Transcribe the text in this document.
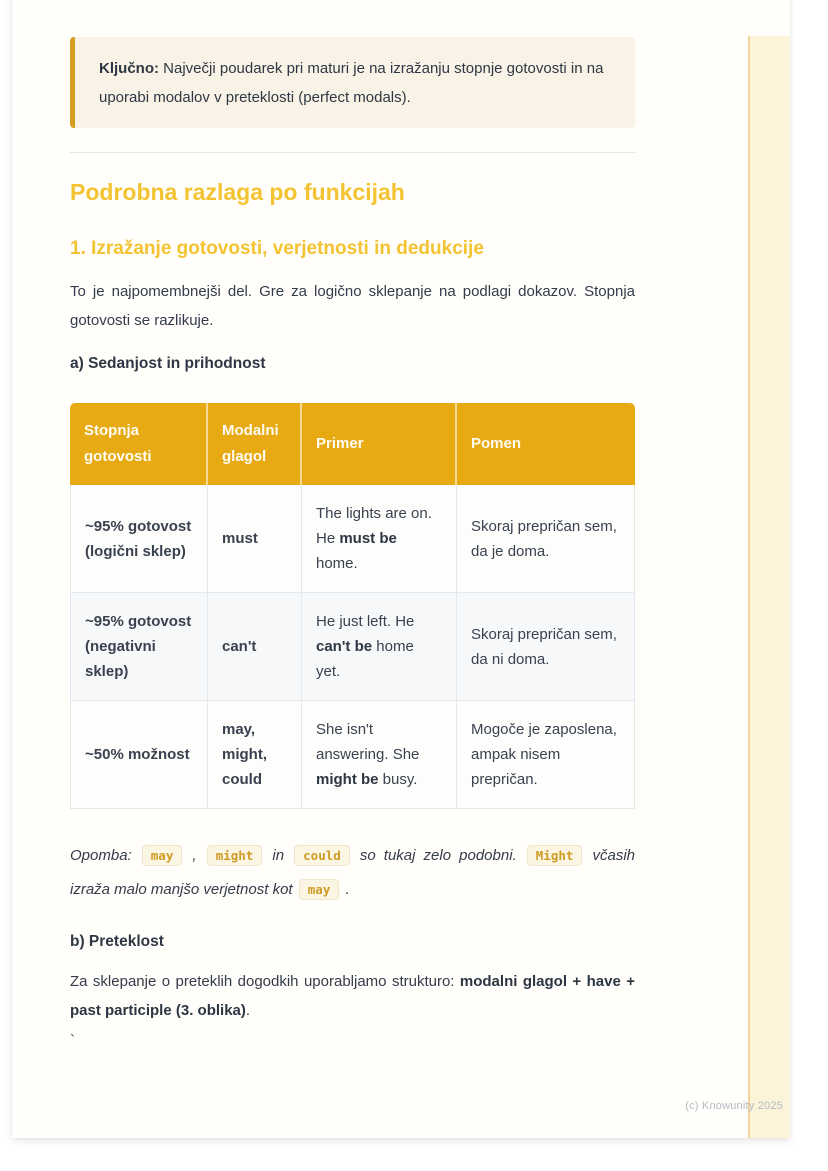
Ključno: Največji poudarek pri maturi je na izražanju stopnje gotovosti in na uporabi modalov v preteklosti (perfect modals).

Podrobna razlaga po funkcijah
1. Izražanje gotovosti, verjetnosti in dedukcije

To je najpomembnejši del. Gre za logično sklepanje na podlagi dokazov. Stopnja gotovosti se razlikuje.

a) Sedanjost in prihodnost

Stopnja gotovosti	Modalni glagol	Primer	Pomen
~95% gotovost (logični sklep)	must	The lights are on. He must be home.	Skoraj prepričan sem, da je doma.
~95% gotovost (negativni sklep)	can't	He just left. He can't be home yet.	Skoraj prepričan sem, da ni doma.
~50% možnost	may, might, could	She isn't answering. She might be busy.	Mogoče je zaposlena, ampak nisem prepričan.

Opomba: may , might in could so tukaj zelo podobni. Might včasih izraža malo manjšo verjetnost kot may .

b) Preteklost

Za sklepanje o preteklih dogodkih uporabljamo strukturo: modalni glagol + have + past participle (3. oblika).

`

(c) Knowunity 2025
